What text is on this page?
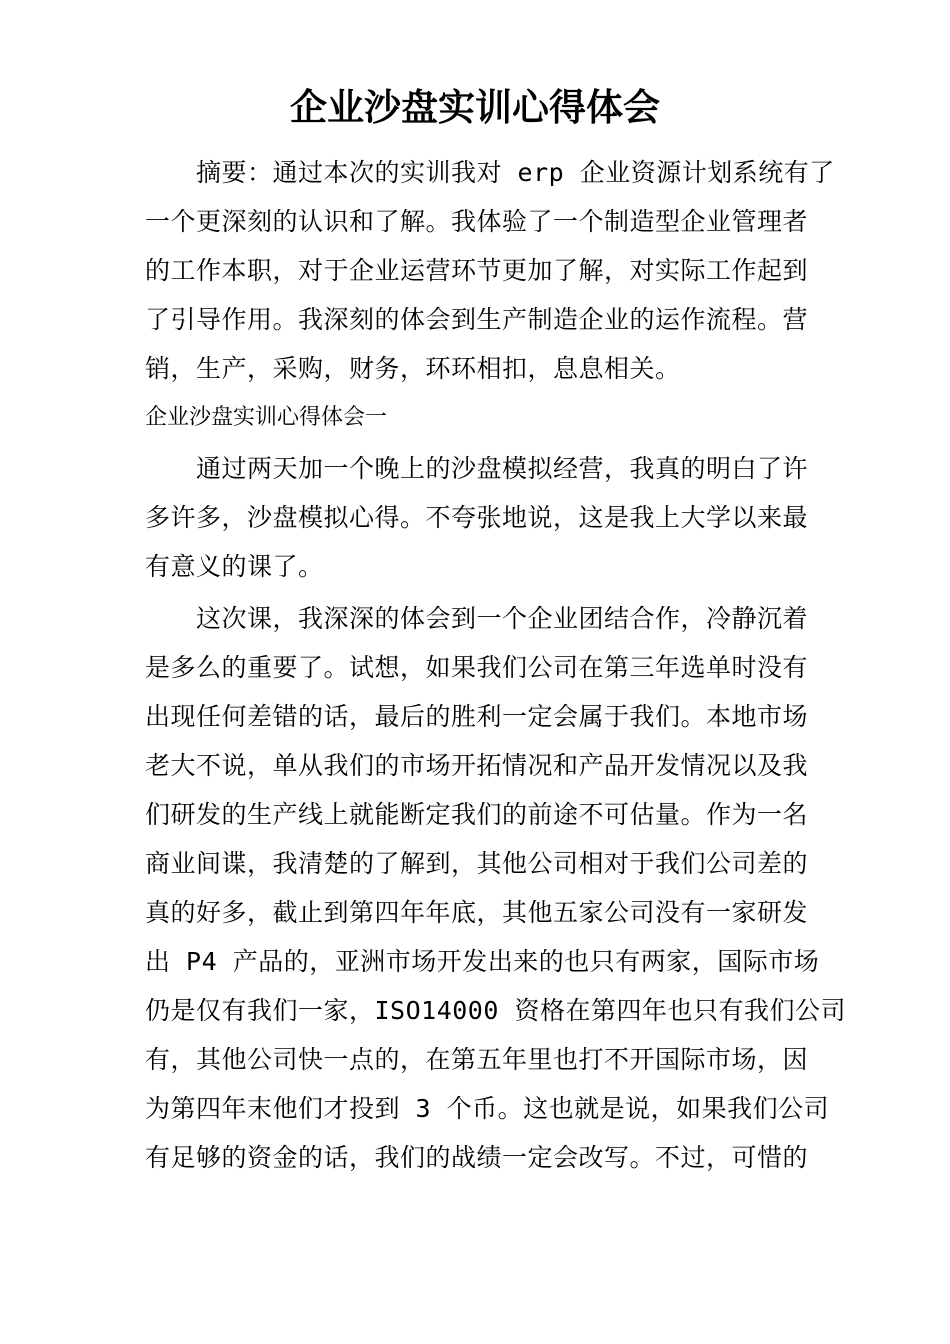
企业沙盘实训心得体会
摘要：通过本次的实训我对 erp 企业资源计划系统有了
一个更深刻的认识和了解。我体验了一个制造型企业管理者
的工作本职，对于企业运营环节更加了解，对实际工作起到
了引导作用。我深刻的体会到生产制造企业的运作流程。营
销，生产，采购，财务，环环相扣，息息相关。
企业沙盘实训心得体会一
通过两天加一个晚上的沙盘模拟经营，我真的明白了许
多许多，沙盘模拟心得。不夸张地说，这是我上大学以来最
有意义的课了。
这次课，我深深的体会到一个企业团结合作，冷静沉着
是多么的重要了。试想，如果我们公司在第三年选单时没有
出现任何差错的话，最后的胜利一定会属于我们。本地市场
老大不说，单从我们的市场开拓情况和产品开发情况以及我
们研发的生产线上就能断定我们的前途不可估量。作为一名
商业间谍，我清楚的了解到，其他公司相对于我们公司差的
真的好多，截止到第四年年底，其他五家公司没有一家研发
出 P4 产品的，亚洲市场开发出来的也只有两家，国际市场
仍是仅有我们一家，ISO14000 资格在第四年也只有我们公司
有，其他公司快一点的，在第五年里也打不开国际市场，因
为第四年末他们才投到 3 个币。这也就是说，如果我们公司
有足够的资金的话，我们的战绩一定会改写。不过，可惜的
